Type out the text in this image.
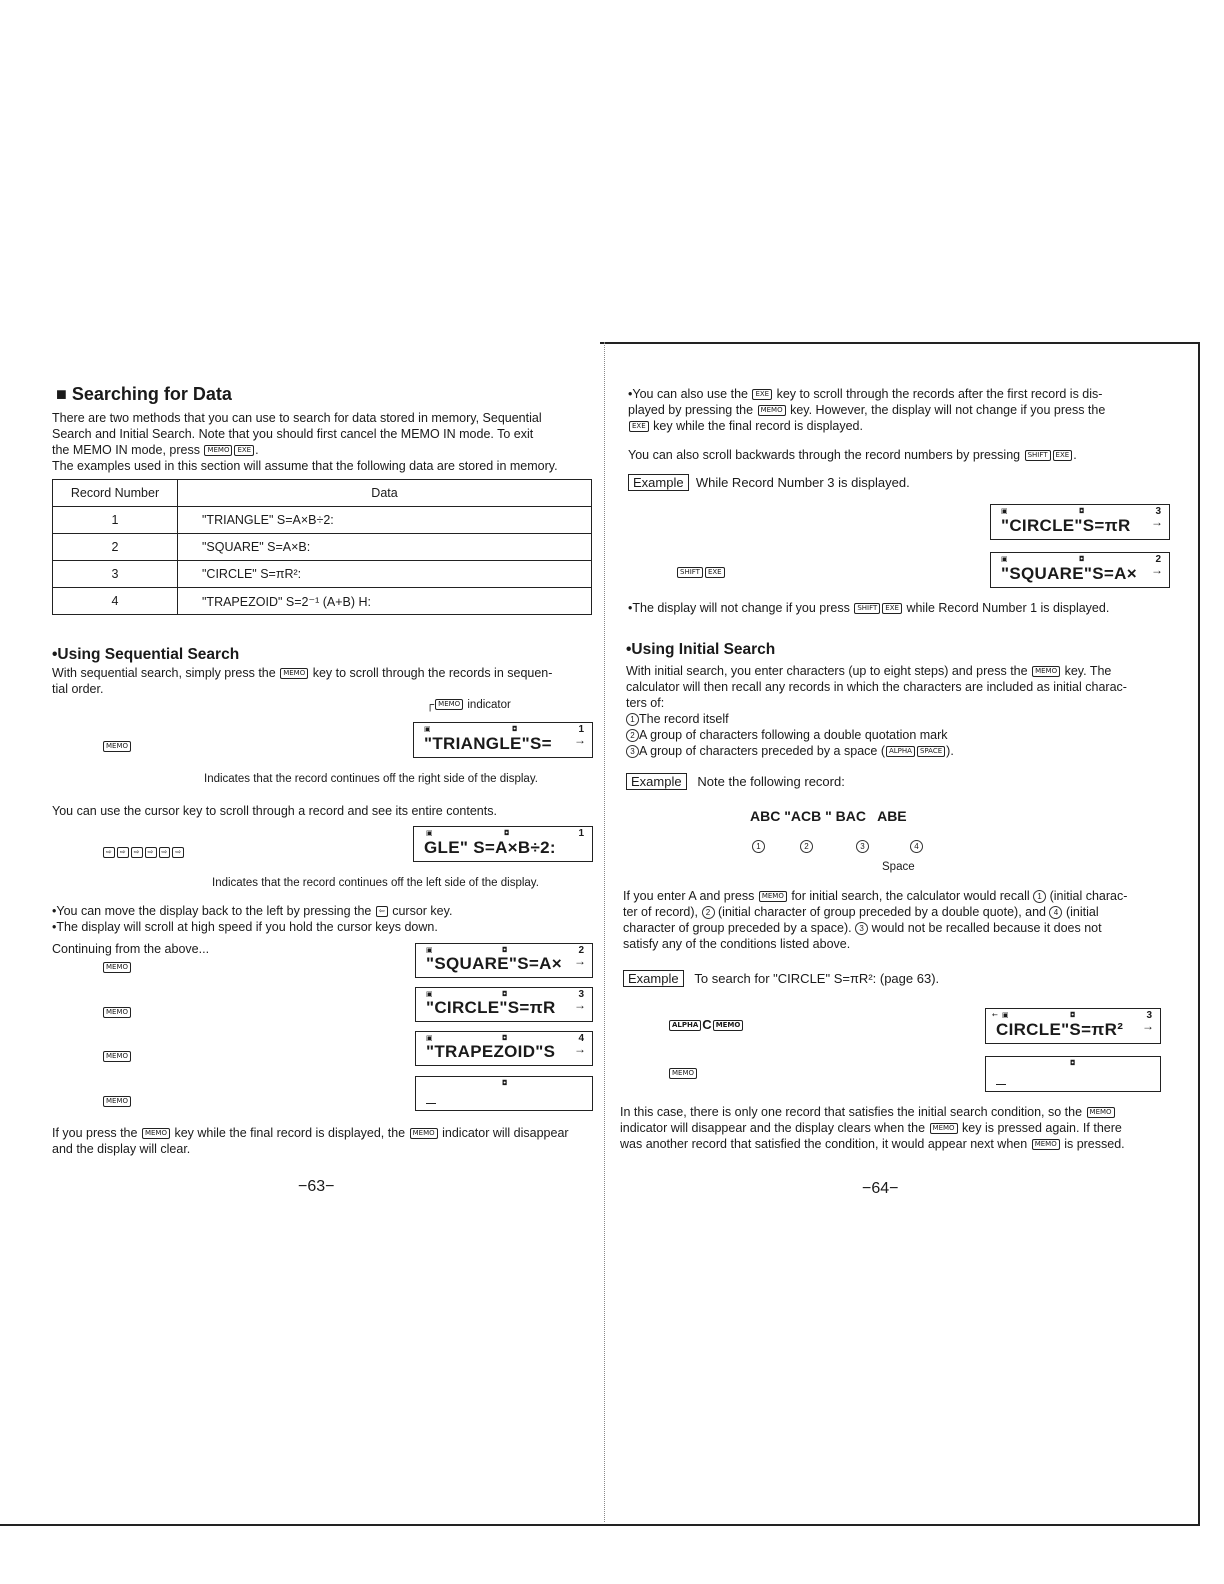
■ Searching for Data
There are two methods that you can use to search for data stored in memory, Sequential
Search and Initial Search. Note that you should first cancel the MEMO IN mode. To exit
the MEMO IN mode, press MEMO EXE .
The examples used in this section will assume that the following data are stored in memory.
Record Number	Data
1	"TRIANGLE" S=A×B÷2:
2	"SQUARE" S=A×B:
3	"CIRCLE" S=πR²:
4	"TRAPEZOID" S=2⁻¹ (A+B) H:
•Using Sequential Search
With sequential search, simply press the MEMO key to scroll through the records in sequen-
tial order.
┌ MEMO indicator
MEMO
▣	◘	1
→
"TRIANGLE"S=
Indicates that the record continues off the right side of the display.
You can use the cursor key to scroll through a record and see its entire contents.
⇨ ⇨ ⇨ ⇨ ⇨ ⇨
▣	◘	1
GLE" S=A×B÷2:
Indicates that the record continues off the left side of the display.
•You can move the display back to the left by pressing the ⇦ cursor key.
•The display will scroll at high speed if you hold the cursor keys down.
Continuing from the above...
MEMO
▣	◘	2
→
"SQUARE"S=A×
MEMO
▣	◘	3
→
"CIRCLE"S=πR
MEMO
▣	◘	4
→
"TRAPEZOID"S
MEMO
◘
If you press the MEMO key while the final record is displayed, the MEMO indicator will disappear
and the display will clear.
−63−
•You can also use the EXE key to scroll through the records after the first record is dis-
played by pressing the MEMO key. However, the display will not change if you press the
EXE key while the final record is displayed.
You can also scroll backwards through the record numbers by pressing SHIFT EXE .
Example While Record Number 3 is displayed.
▣	◘	3
→
"CIRCLE"S=πR
SHIFT EXE
▣	◘	2
→
"SQUARE"S=A×
•The display will not change if you press SHIFT EXE while Record Number 1 is displayed.
•Using Initial Search
With initial search, you enter characters (up to eight steps) and press the MEMO key. The
calculator will then recall any records in which the characters are included as initial charac-
ters of:
1 The record itself
2 A group of characters following a double quotation mark
3 A group of characters preceded by a space ( ALPHA SPACE ).
Example Note the following record:
ABC "ACB " BAC   ABE
1	2	3	4
Space
If you enter A and press MEMO for initial search, the calculator would recall 1 (initial charac-
ter of record), 2 (initial character of group preceded by a double quote), and 4 (initial
character of group preceded by a space). 3 would not be recalled because it does not
satisfy any of the conditions listed above.
Example To search for "CIRCLE" S=πR²: (page 63).
ALPHA C MEMO
← ▣	◘	3
→
CIRCLE"S=πR²
MEMO
◘
In this case, there is only one record that satisfies the initial search condition, so the MEMO
indicator will disappear and the display clears when the MEMO key is pressed again. If there
was another record that satisfied the condition, it would appear next when MEMO is pressed.
−64−
